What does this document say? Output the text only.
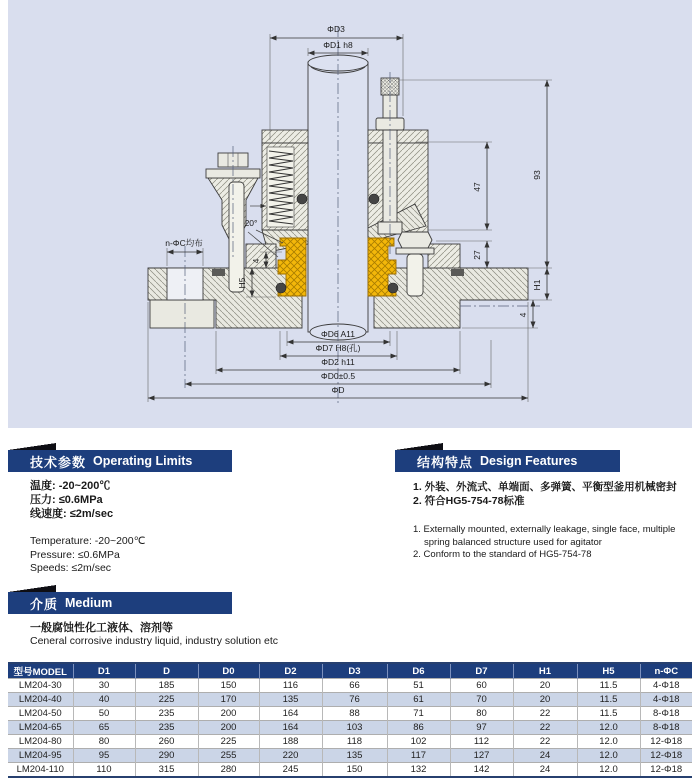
ΦD3
ΦD1 h8
93
47
27
H1
4
n-ΦC均布
20°
H5
4
ΦD6 A11
ΦD7 H8(孔)
ΦD2 h11
ΦD0±0.5
ΦD
技术参数 Operating Limits
温度: -20~200℃
压力: ≤0.6MPa
线速度: ≤2m/sec
Temperature: -20~200℃
Pressure: ≤0.6MPa
Speeds: ≤2m/sec
结构特点 Design Features
1. 外装、外流式、单端面、多弹簧、平衡型釜用机械密封
2. 符合HG5-754-78标准
1. Externally mounted, externally leakage, single face, multiple spring balanced structure used for agitator
2. Conform to the standard of HG5-754-78
介质 Medium
一般腐蚀性化工液体、溶剂等
Ceneral corrosive industry liquid, industry solution etc
型号MODEL	D1	D	D0	D2	D3	D6	D7	H1	H5	n-ΦC
LM204-30	30	185	150	116	66	51	60	20	11.5	4-Φ18
LM204-40	40	225	170	135	76	61	70	20	11.5	4-Φ18
LM204-50	50	235	200	164	88	71	80	22	11.5	8-Φ18
LM204-65	65	235	200	164	103	86	97	22	12.0	8-Φ18
LM204-80	80	260	225	188	118	102	112	22	12.0	12-Φ18
LM204-95	95	290	255	220	135	117	127	24	12.0	12-Φ18
LM204-110	110	315	280	245	150	132	142	24	12.0	12-Φ18
